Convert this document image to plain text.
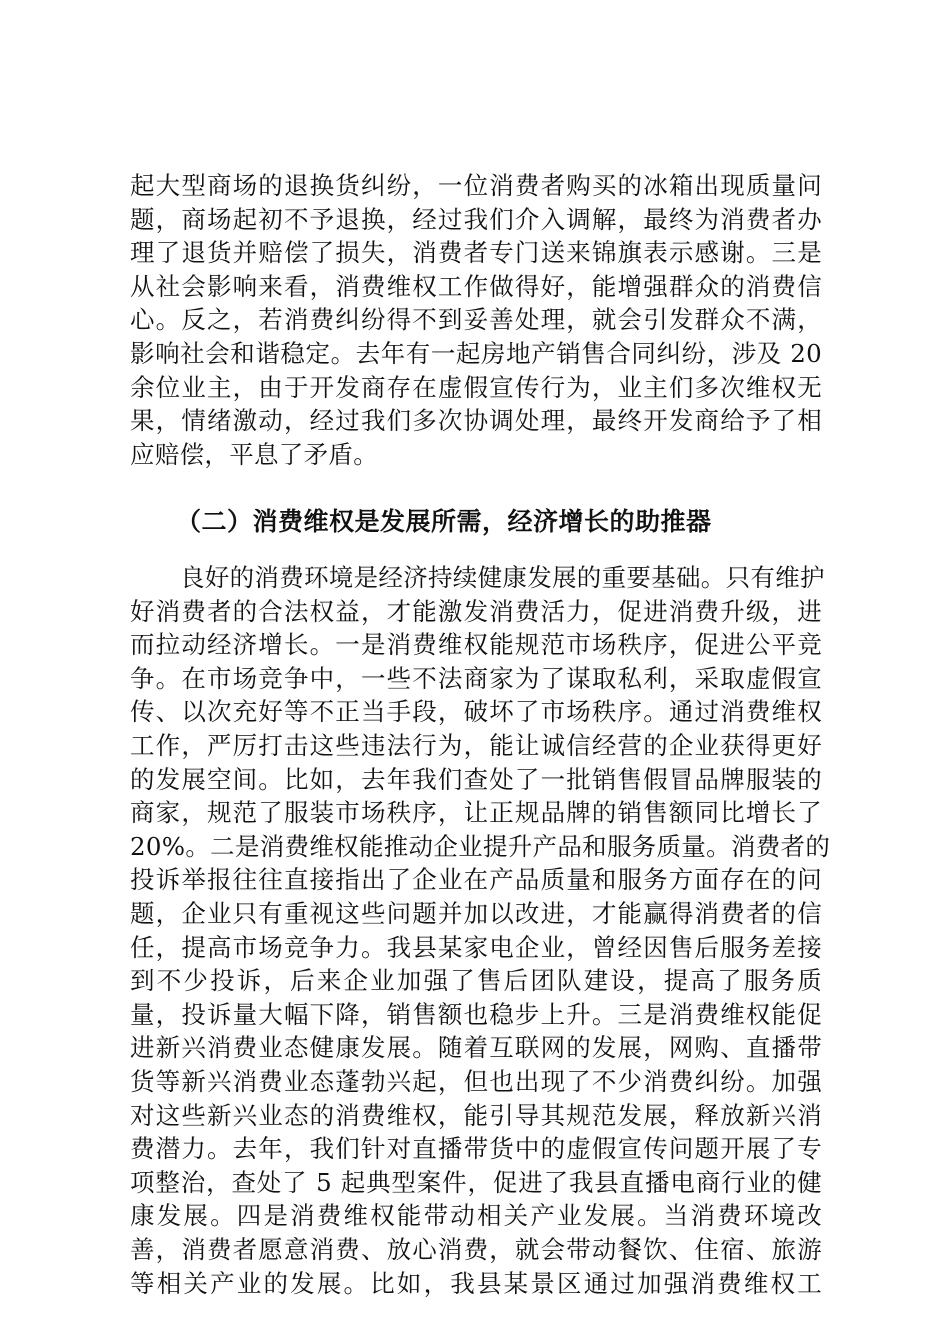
起大型商场的退换货纠纷，一位消费者购买的冰箱出现质量问
题，商场起初不予退换，经过我们介入调解，最终为消费者办
理了退货并赔偿了损失，消费者专门送来锦旗表示感谢。三是
从社会影响来看，消费维权工作做得好，能增强群众的消费信
心。反之，若消费纠纷得不到妥善处理，就会引发群众不满，
影响社会和谐稳定。去年有一起房地产销售合同纠纷，涉及 20
余位业主，由于开发商存在虚假宣传行为，业主们多次维权无
果，情绪激动，经过我们多次协调处理，最终开发商给予了相
应赔偿，平息了矛盾。
（二）消费维权是发展所需，经济增长的助推器
良好的消费环境是经济持续健康发展的重要基础。只有维护
好消费者的合法权益，才能激发消费活力，促进消费升级，进
而拉动经济增长。一是消费维权能规范市场秩序，促进公平竞
争。在市场竞争中，一些不法商家为了谋取私利，采取虚假宣
传、以次充好等不正当手段，破坏了市场秩序。通过消费维权
工作，严厉打击这些违法行为，能让诚信经营的企业获得更好
的发展空间。比如，去年我们查处了一批销售假冒品牌服装的
商家，规范了服装市场秩序，让正规品牌的销售额同比增长了
20%。二是消费维权能推动企业提升产品和服务质量。消费者的
投诉举报往往直接指出了企业在产品质量和服务方面存在的问
题，企业只有重视这些问题并加以改进，才能赢得消费者的信
任，提高市场竞争力。我县某家电企业，曾经因售后服务差接
到不少投诉，后来企业加强了售后团队建设，提高了服务质
量，投诉量大幅下降，销售额也稳步上升。三是消费维权能促
进新兴消费业态健康发展。随着互联网的发展，网购、直播带
货等新兴消费业态蓬勃兴起，但也出现了不少消费纠纷。加强
对这些新兴业态的消费维权，能引导其规范发展，释放新兴消
费潜力。去年，我们针对直播带货中的虚假宣传问题开展了专
项整治，查处了 5 起典型案件，促进了我县直播电商行业的健
康发展。四是消费维权能带动相关产业发展。当消费环境改
善，消费者愿意消费、放心消费，就会带动餐饮、住宿、旅游
等相关产业的发展。比如，我县某景区通过加强消费维权工
